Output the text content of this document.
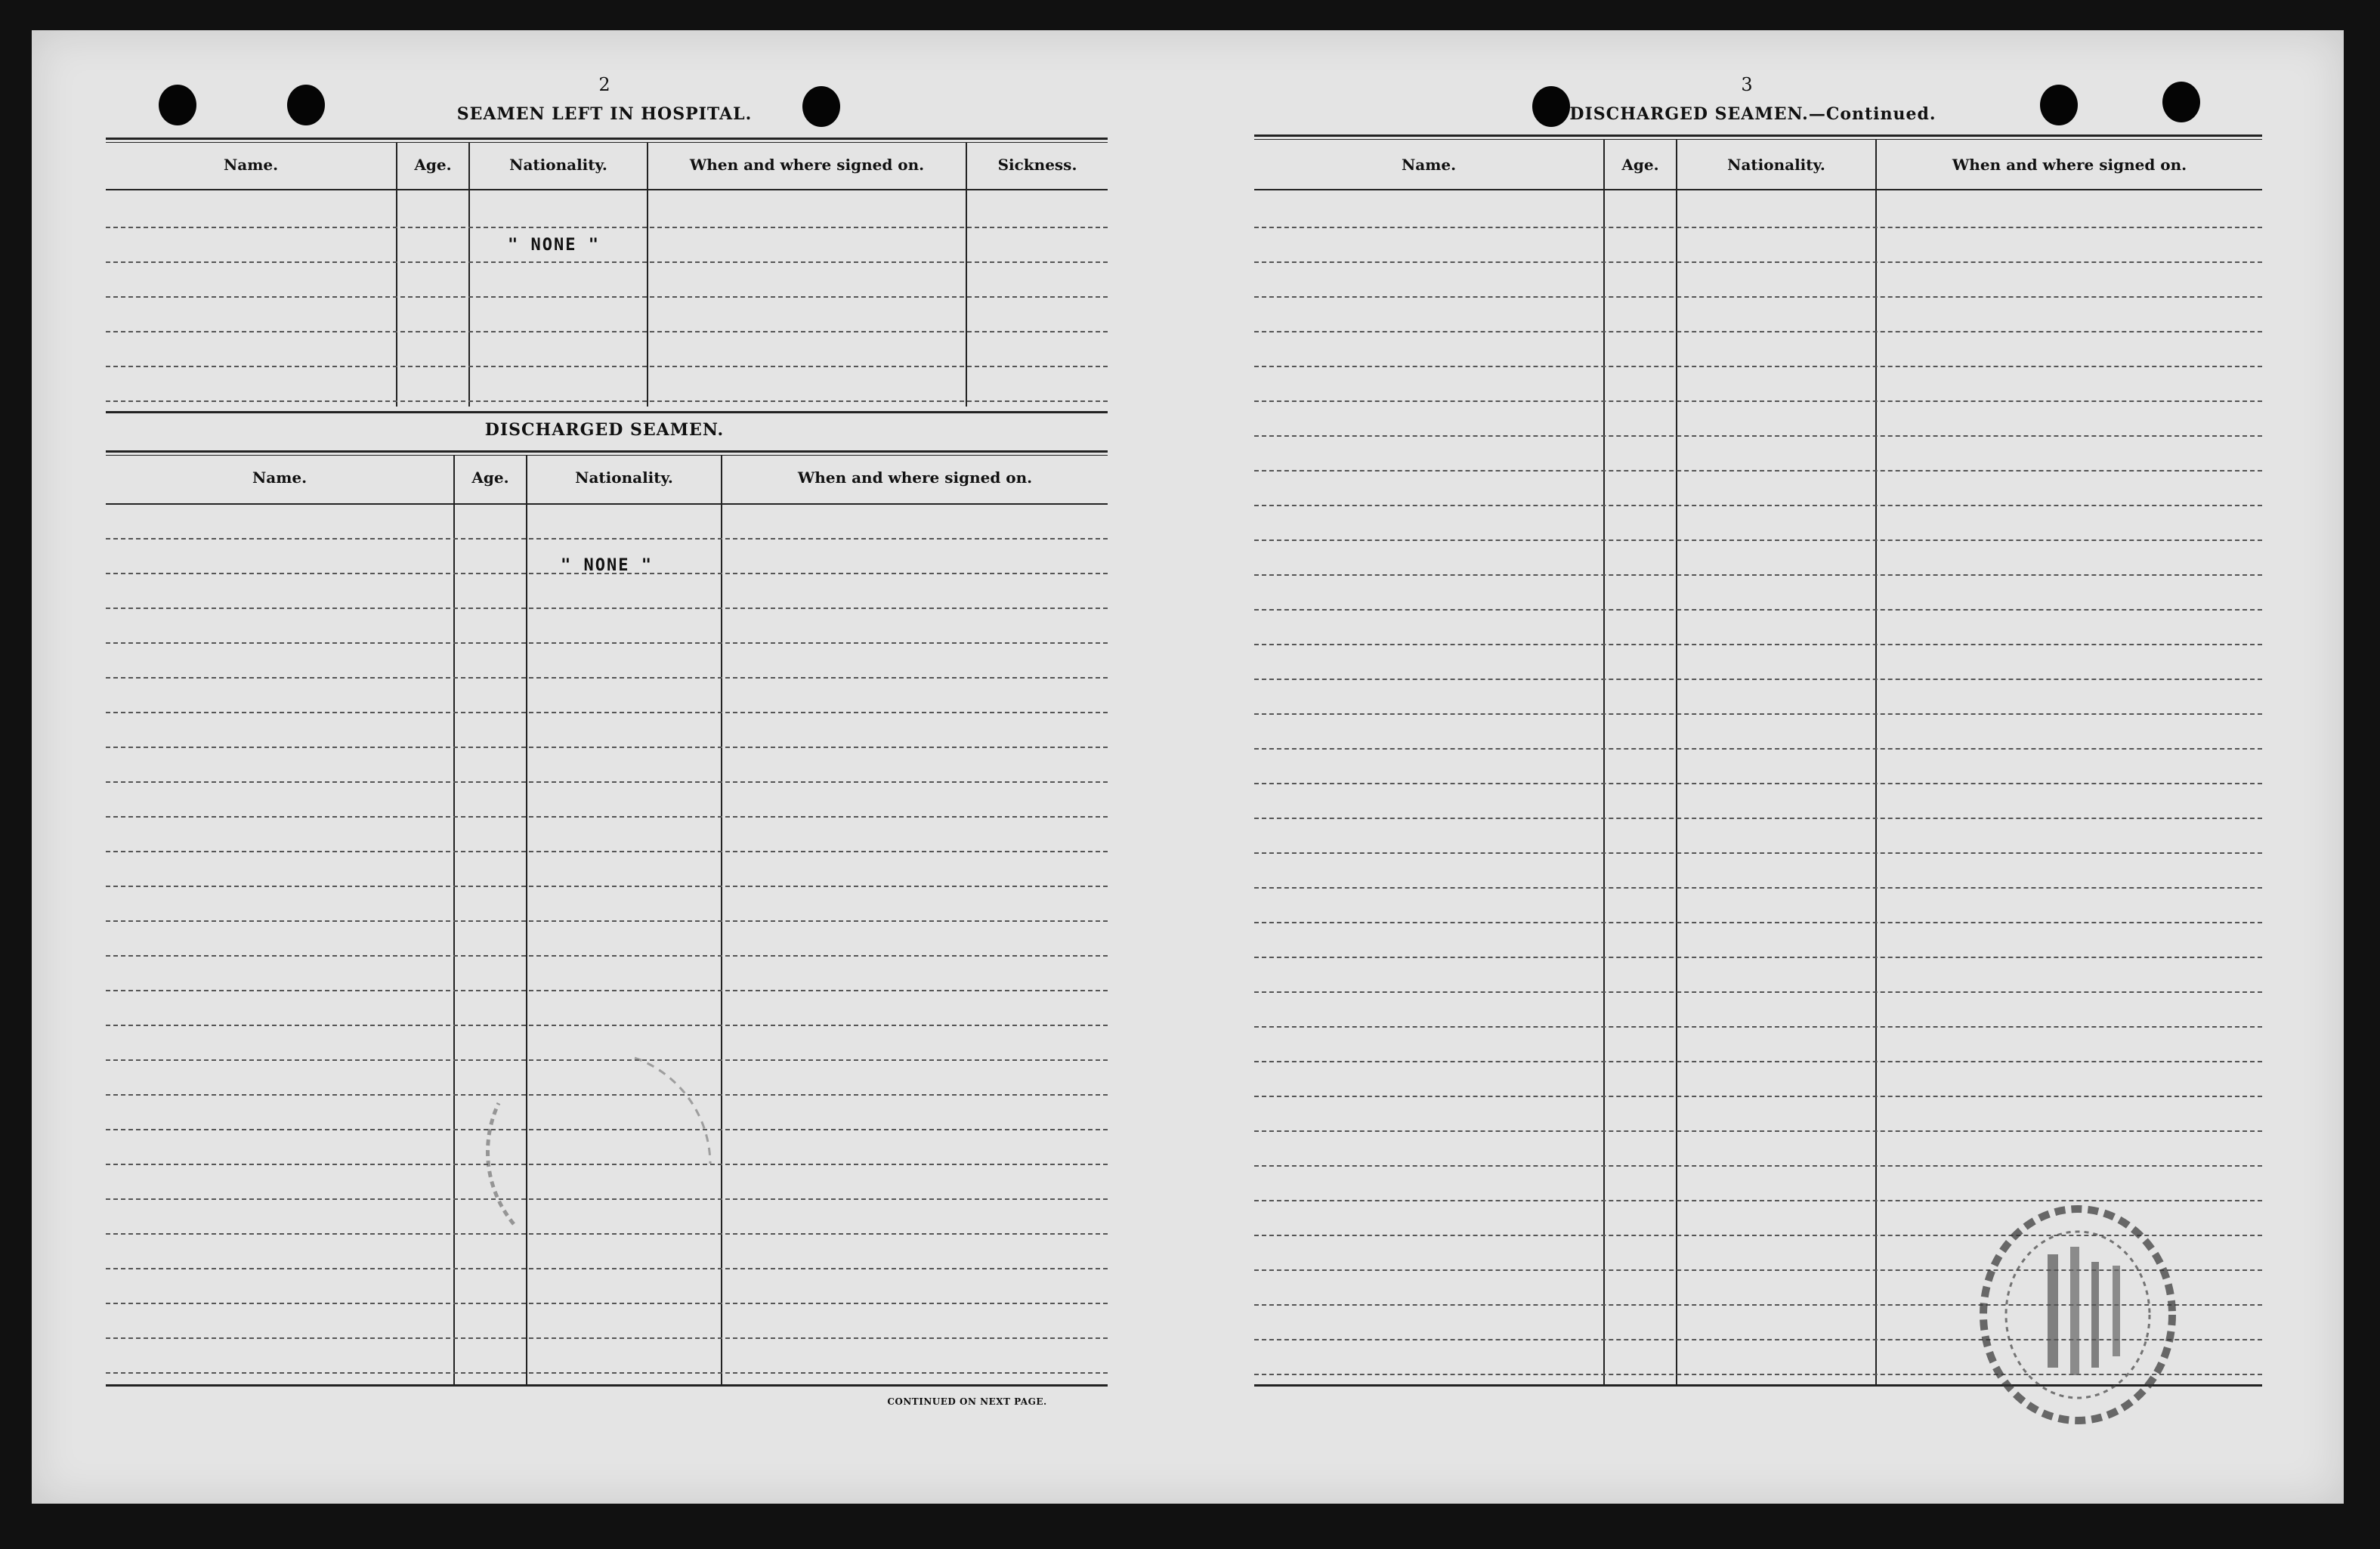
2
SEAMEN LEFT IN HOSPITAL.
Name.	Age.	Nationality.	When and where signed on.	Sickness.
" NONE "
DISCHARGED SEAMEN.
Name.	Age.	Nationality.	When and where signed on.
" NONE "
CONTINUED ON NEXT PAGE.
3
DISCHARGED SEAMEN.—Continued.
Name.	Age.	Nationality.	When and where signed on.
